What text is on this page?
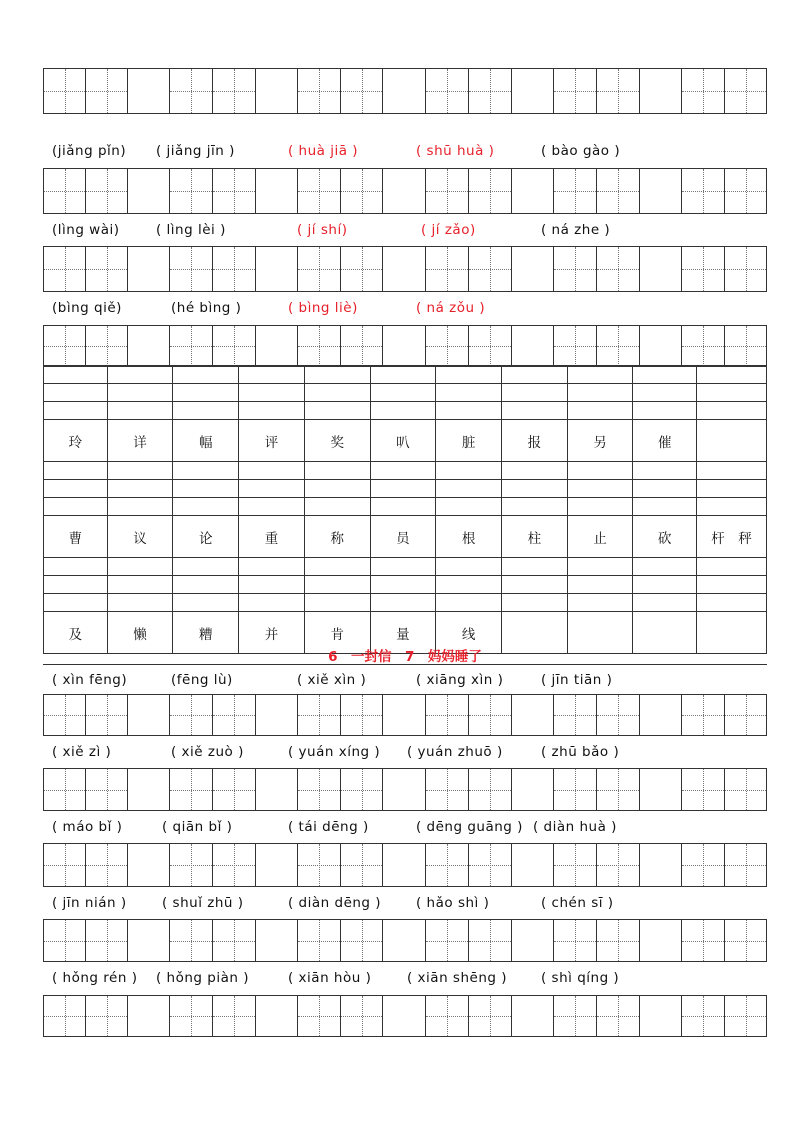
(jiǎng pǐn) ( jiǎng jīn )	( huà jiā )	( shū huà )	( bào gào )
(lìng wài)	( lìng lèi )	( jí shí)	( jí zǎo)	( ná zhe )
(bìng qiě)	(hé bìng )	( bìng liè)	( ná zǒu )

玲	详	幅	评	奖	叭	脏	报	另	催	

曹	议	论	重	称	员	根	柱	止	砍	杆　秤

及	懒	糟	并	肯	量	线				
6　一封信　7　妈妈睡了
( xìn fēng)	(fēng lù)	( xiě xìn )	( xiāng xìn )	( jīn tiān )
( xiě zì )	( xiě zuò )	( yuán xíng ) ( yuán zhuō )	( zhū bǎo )
( máo bǐ )	( qiān bǐ )	( tái dēng )	( dēng guāng ) ( diàn huà )
( jīn nián )	( shuǐ zhū )	( diàn dēng )	( hǎo shì )	( chén sī )
( hǒng rén ) ( hǒng piàn )	( xiān hòu )	( xiān shēng )	( shì qíng )
